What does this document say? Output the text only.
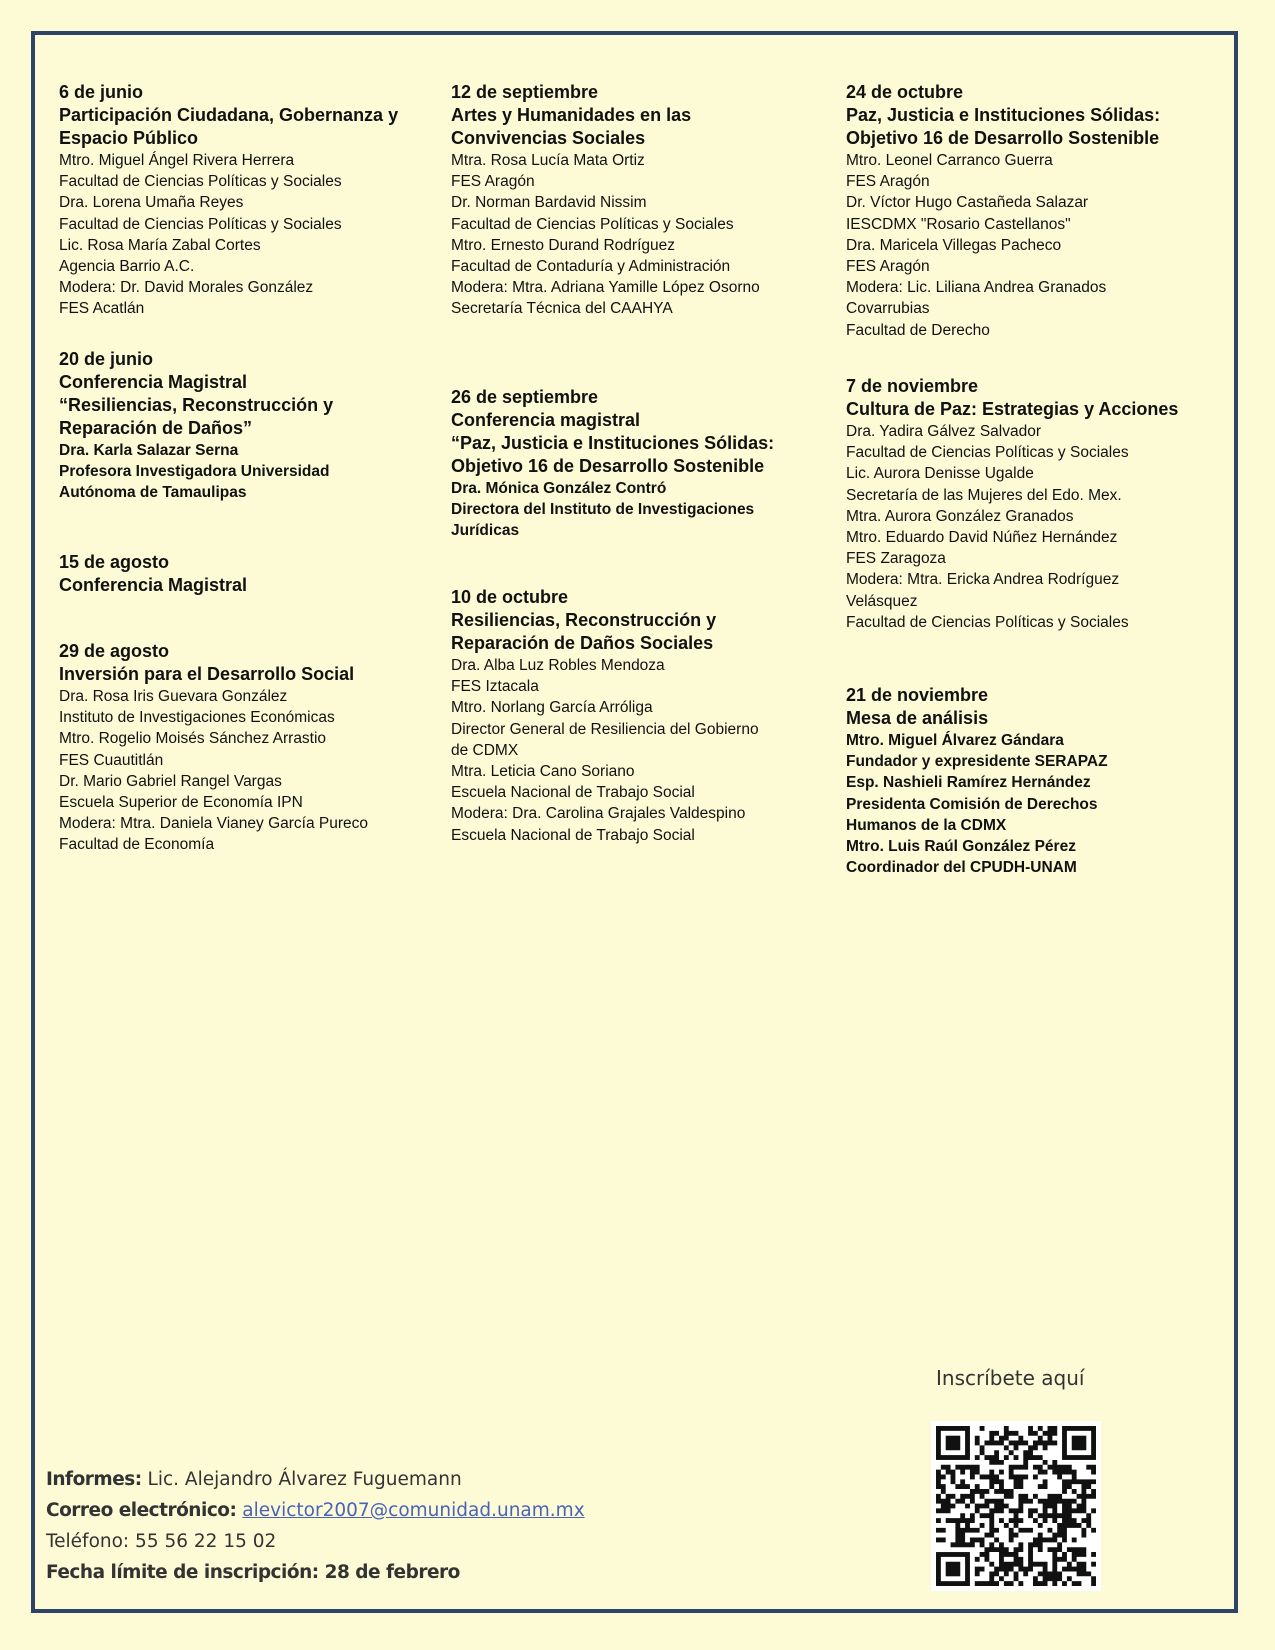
6 de junio
Participación Ciudadana, Gobernanza y
Espacio Público
Mtro. Miguel Ángel Rivera Herrera
Facultad de Ciencias Políticas y Sociales
Dra. Lorena Umaña Reyes
Facultad de Ciencias Políticas y Sociales
Lic. Rosa María Zabal Cortes
Agencia Barrio A.C.
Modera: Dr. David Morales González
FES Acatlán
20 de junio
Conferencia Magistral
“Resiliencias, Reconstrucción y
Reparación de Daños”
Dra. Karla Salazar Serna
Profesora Investigadora Universidad
Autónoma de Tamaulipas
15 de agosto
Conferencia Magistral
29 de agosto
Inversión para el Desarrollo Social
Dra. Rosa Iris Guevara González
Instituto de Investigaciones Económicas
Mtro. Rogelio Moisés Sánchez Arrastio
FES Cuautitlán
Dr. Mario Gabriel Rangel Vargas
Escuela Superior de Economía IPN
Modera: Mtra. Daniela Vianey García Pureco
Facultad de Economía
12 de septiembre
Artes y Humanidades en las
Convivencias Sociales
Mtra. Rosa Lucía Mata Ortiz
FES Aragón
Dr. Norman Bardavid Nissim
Facultad de Ciencias Políticas y Sociales
Mtro. Ernesto Durand Rodríguez
Facultad de Contaduría y Administración
Modera: Mtra. Adriana Yamille López Osorno
Secretaría Técnica del CAAHYA
26 de septiembre
Conferencia magistral
“Paz, Justicia e Instituciones Sólidas:
Objetivo 16 de Desarrollo Sostenible
Dra. Mónica González Contró
Directora del Instituto de Investigaciones
Jurídicas
10 de octubre
Resiliencias, Reconstrucción y
Reparación de Daños Sociales
Dra. Alba Luz Robles Mendoza
FES Iztacala
Mtro. Norlang García Arróliga
Director General de Resiliencia del Gobierno
de CDMX
Mtra. Leticia Cano Soriano
Escuela Nacional de Trabajo Social
Modera: Dra. Carolina Grajales Valdespino
Escuela Nacional de Trabajo Social
24 de octubre
Paz, Justicia e Instituciones Sólidas:
Objetivo 16 de Desarrollo Sostenible
Mtro. Leonel Carranco Guerra
FES Aragón
Dr. Víctor Hugo Castañeda Salazar
IESCDMX "Rosario Castellanos"
Dra. Maricela Villegas Pacheco
FES Aragón
Modera: Lic. Liliana Andrea Granados
Covarrubias
Facultad de Derecho
7 de noviembre
Cultura de Paz: Estrategias y Acciones
Dra. Yadira Gálvez Salvador
Facultad de Ciencias Políticas y Sociales
Lic. Aurora Denisse Ugalde
Secretaría de las Mujeres del Edo. Mex.
Mtra. Aurora González Granados
Mtro. Eduardo David Núñez Hernández
FES Zaragoza
Modera: Mtra. Ericka Andrea Rodríguez
Velásquez
Facultad de Ciencias Políticas y Sociales
21 de noviembre
Mesa de análisis
Mtro. Miguel Álvarez Gándara
Fundador y expresidente SERAPAZ
Esp. Nashieli Ramírez Hernández
Presidenta Comisión de Derechos
Humanos de la CDMX
Mtro. Luis Raúl González Pérez
Coordinador del CPUDH-UNAM
Informes: Lic. Alejandro Álvarez Fuguemann
Correo electrónico: alevictor2007@comunidad.unam.mx
Teléfono: 55 56 22 15 02
Fecha límite de inscripción: 28 de febrero
Inscríbete aquí
